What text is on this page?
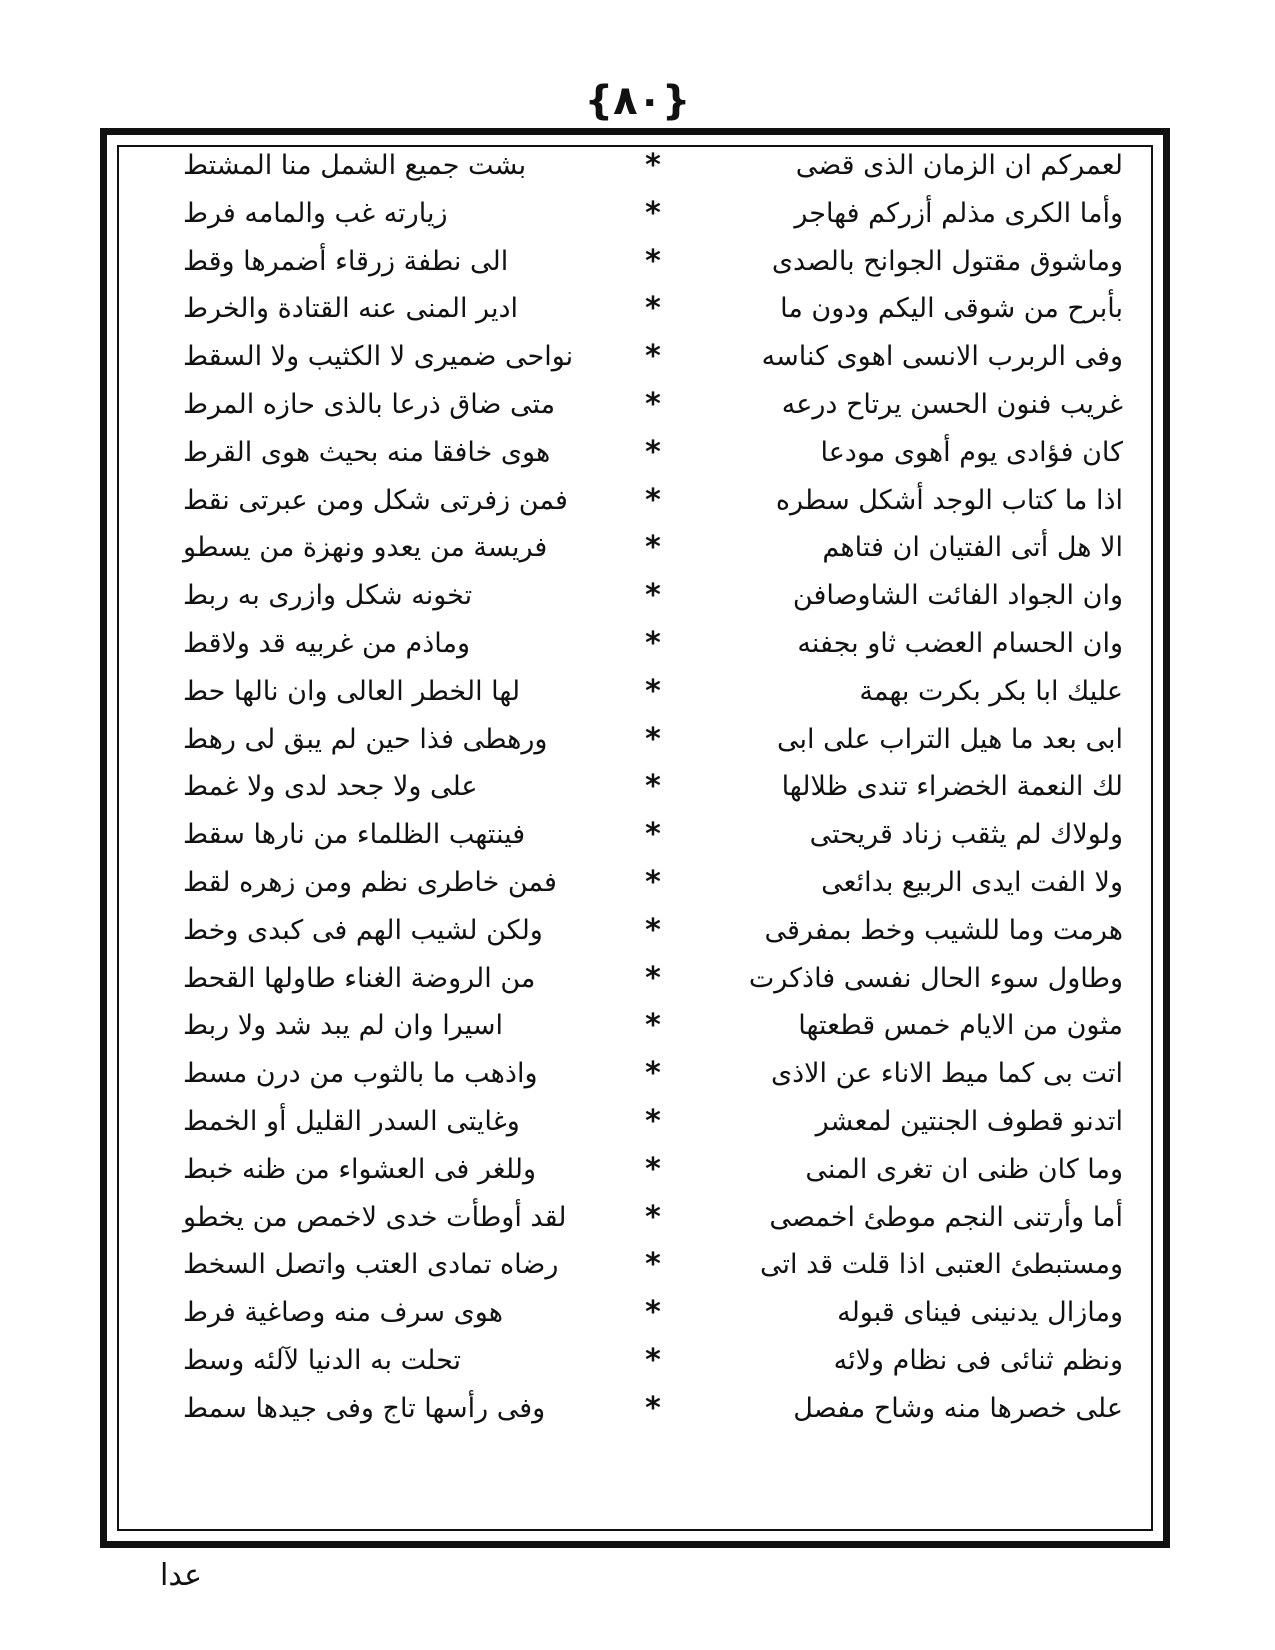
{٨٠}
لعمركم ان الزمان الذى قضى
*
بشت جميع الشمل منا المشتط
وأما الكرى مذلم أزركم فهاجر
*
زيارته غب والمامه فرط
وماشوق مقتول الجوانح بالصدى
*
الى نطفة زرقاء أضمرها وقط
بأبرح من شوقى اليكم ودون ما
*
ادير المنى عنه القتادة والخرط
وفى الربرب الانسى اهوى كناسه
*
نواحى ضميرى لا الكثيب ولا السقط
غريب فنون الحسن يرتاح درعه
*
متى ضاق ذرعا بالذى حازه المرط
كان فؤادى يوم أهوى مودعا
*
هوى خافقا منه بحيث هوى القرط
اذا ما كتاب الوجد أشكل سطره
*
فمن زفرتى شكل ومن عبرتى نقط
الا هل أتى الفتيان ان فتاهم
*
فريسة من يعدو ونهزة من يسطو
وان الجواد الفائت الشاوصافن
*
تخونه شكل وازرى به ربط
وان الحسام العضب ثاو بجفنه
*
وماذم من غربيه قد ولاقط
عليك ابا بكر بكرت بهمة
*
لها الخطر العالى وان نالها حط
ابى بعد ما هيل التراب على ابى
*
ورهطى فذا حين لم يبق لى رهط
لك النعمة الخضراء تندى ظلالها
*
على ولا جحد لدى ولا غمط
ولولاك لم يثقب زناد قريحتى
*
فينتهب الظلماء من نارها سقط
ولا الفت ايدى الربيع بدائعى
*
فمن خاطرى نظم ومن زهره لقط
هرمت وما للشيب وخط بمفرقى
*
ولكن لشيب الهم فى كبدى وخط
وطاول سوء الحال نفسى فاذكرت
*
من الروضة الغناء طاولها القحط
مثون من الايام خمس قطعتها
*
اسيرا وان لم يبد شد ولا ربط
اتت بى كما ميط الاناء عن الاذى
*
واذهب ما بالثوب من درن مسط
اتدنو قطوف الجنتين لمعشر
*
وغايتى السدر القليل أو الخمط
وما كان ظنى ان تغرى المنى
*
وللغر فى العشواء من ظنه خبط
أما وأرتنى النجم موطئ اخمصى
*
لقد أوطأت خدى لاخمص من يخطو
ومستبطئ العتبى اذا قلت قد اتى
*
رضاه تمادى العتب واتصل السخط
ومازال يدنينى فيناى قبوله
*
هوى سرف منه وصاغية فرط
ونظم ثنائى فى نظام ولائه
*
تحلت به الدنيا لآلئه وسط
على خصرها منه وشاح مفصل
*
وفى رأسها تاج وفى جيدها سمط
عدا
